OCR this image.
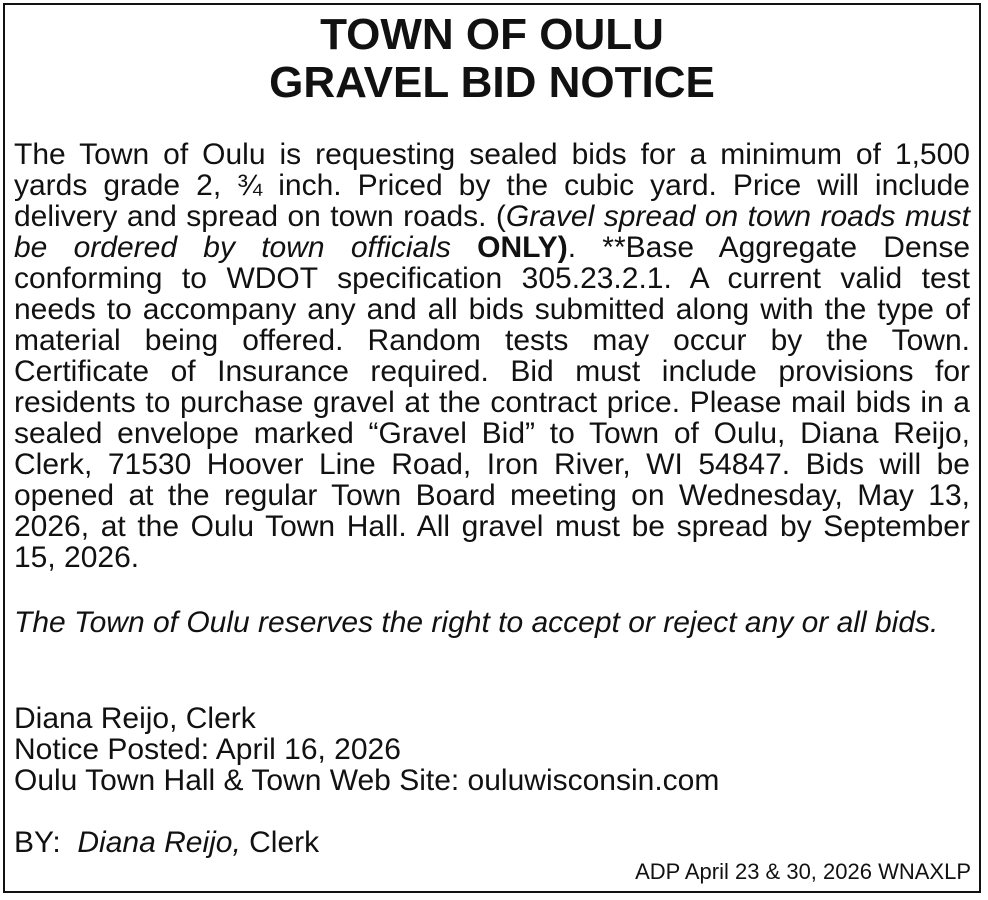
TOWN OF OULU
GRAVEL BID NOTICE
The Town of Oulu is requesting sealed bids for a minimum of 1,500 yards grade 2, ¾ inch. Priced by the cubic yard. Price will include delivery and spread on town roads. (Gravel spread on town roads must be ordered by town officials ONLY). **Base Aggregate Dense conforming to WDOT specification 305.23.2.1. A current valid test needs to accompany any and all bids submitted along with the type of material being offered. Random tests may occur by the Town. Certificate of Insurance required. Bid must include provisions for residents to purchase gravel at the contract price. Please mail bids in a sealed envelope marked “Gravel Bid” to Town of Oulu, Diana Reijo, Clerk, 71530 Hoover Line Road, Iron River, WI 54847. Bids will be opened at the regular Town Board meeting on Wednesday, May 13, 2026, at the Oulu Town Hall. All gravel must be spread by September 15, 2026.
The Town of Oulu reserves the right to accept or reject any or all bids.
Diana Reijo, Clerk
Notice Posted: April 16, 2026
Oulu Town Hall & Town Web Site: ouluwisconsin.com
BY:  Diana Reijo, Clerk
ADP April 23 & 30, 2026 WNAXLP
